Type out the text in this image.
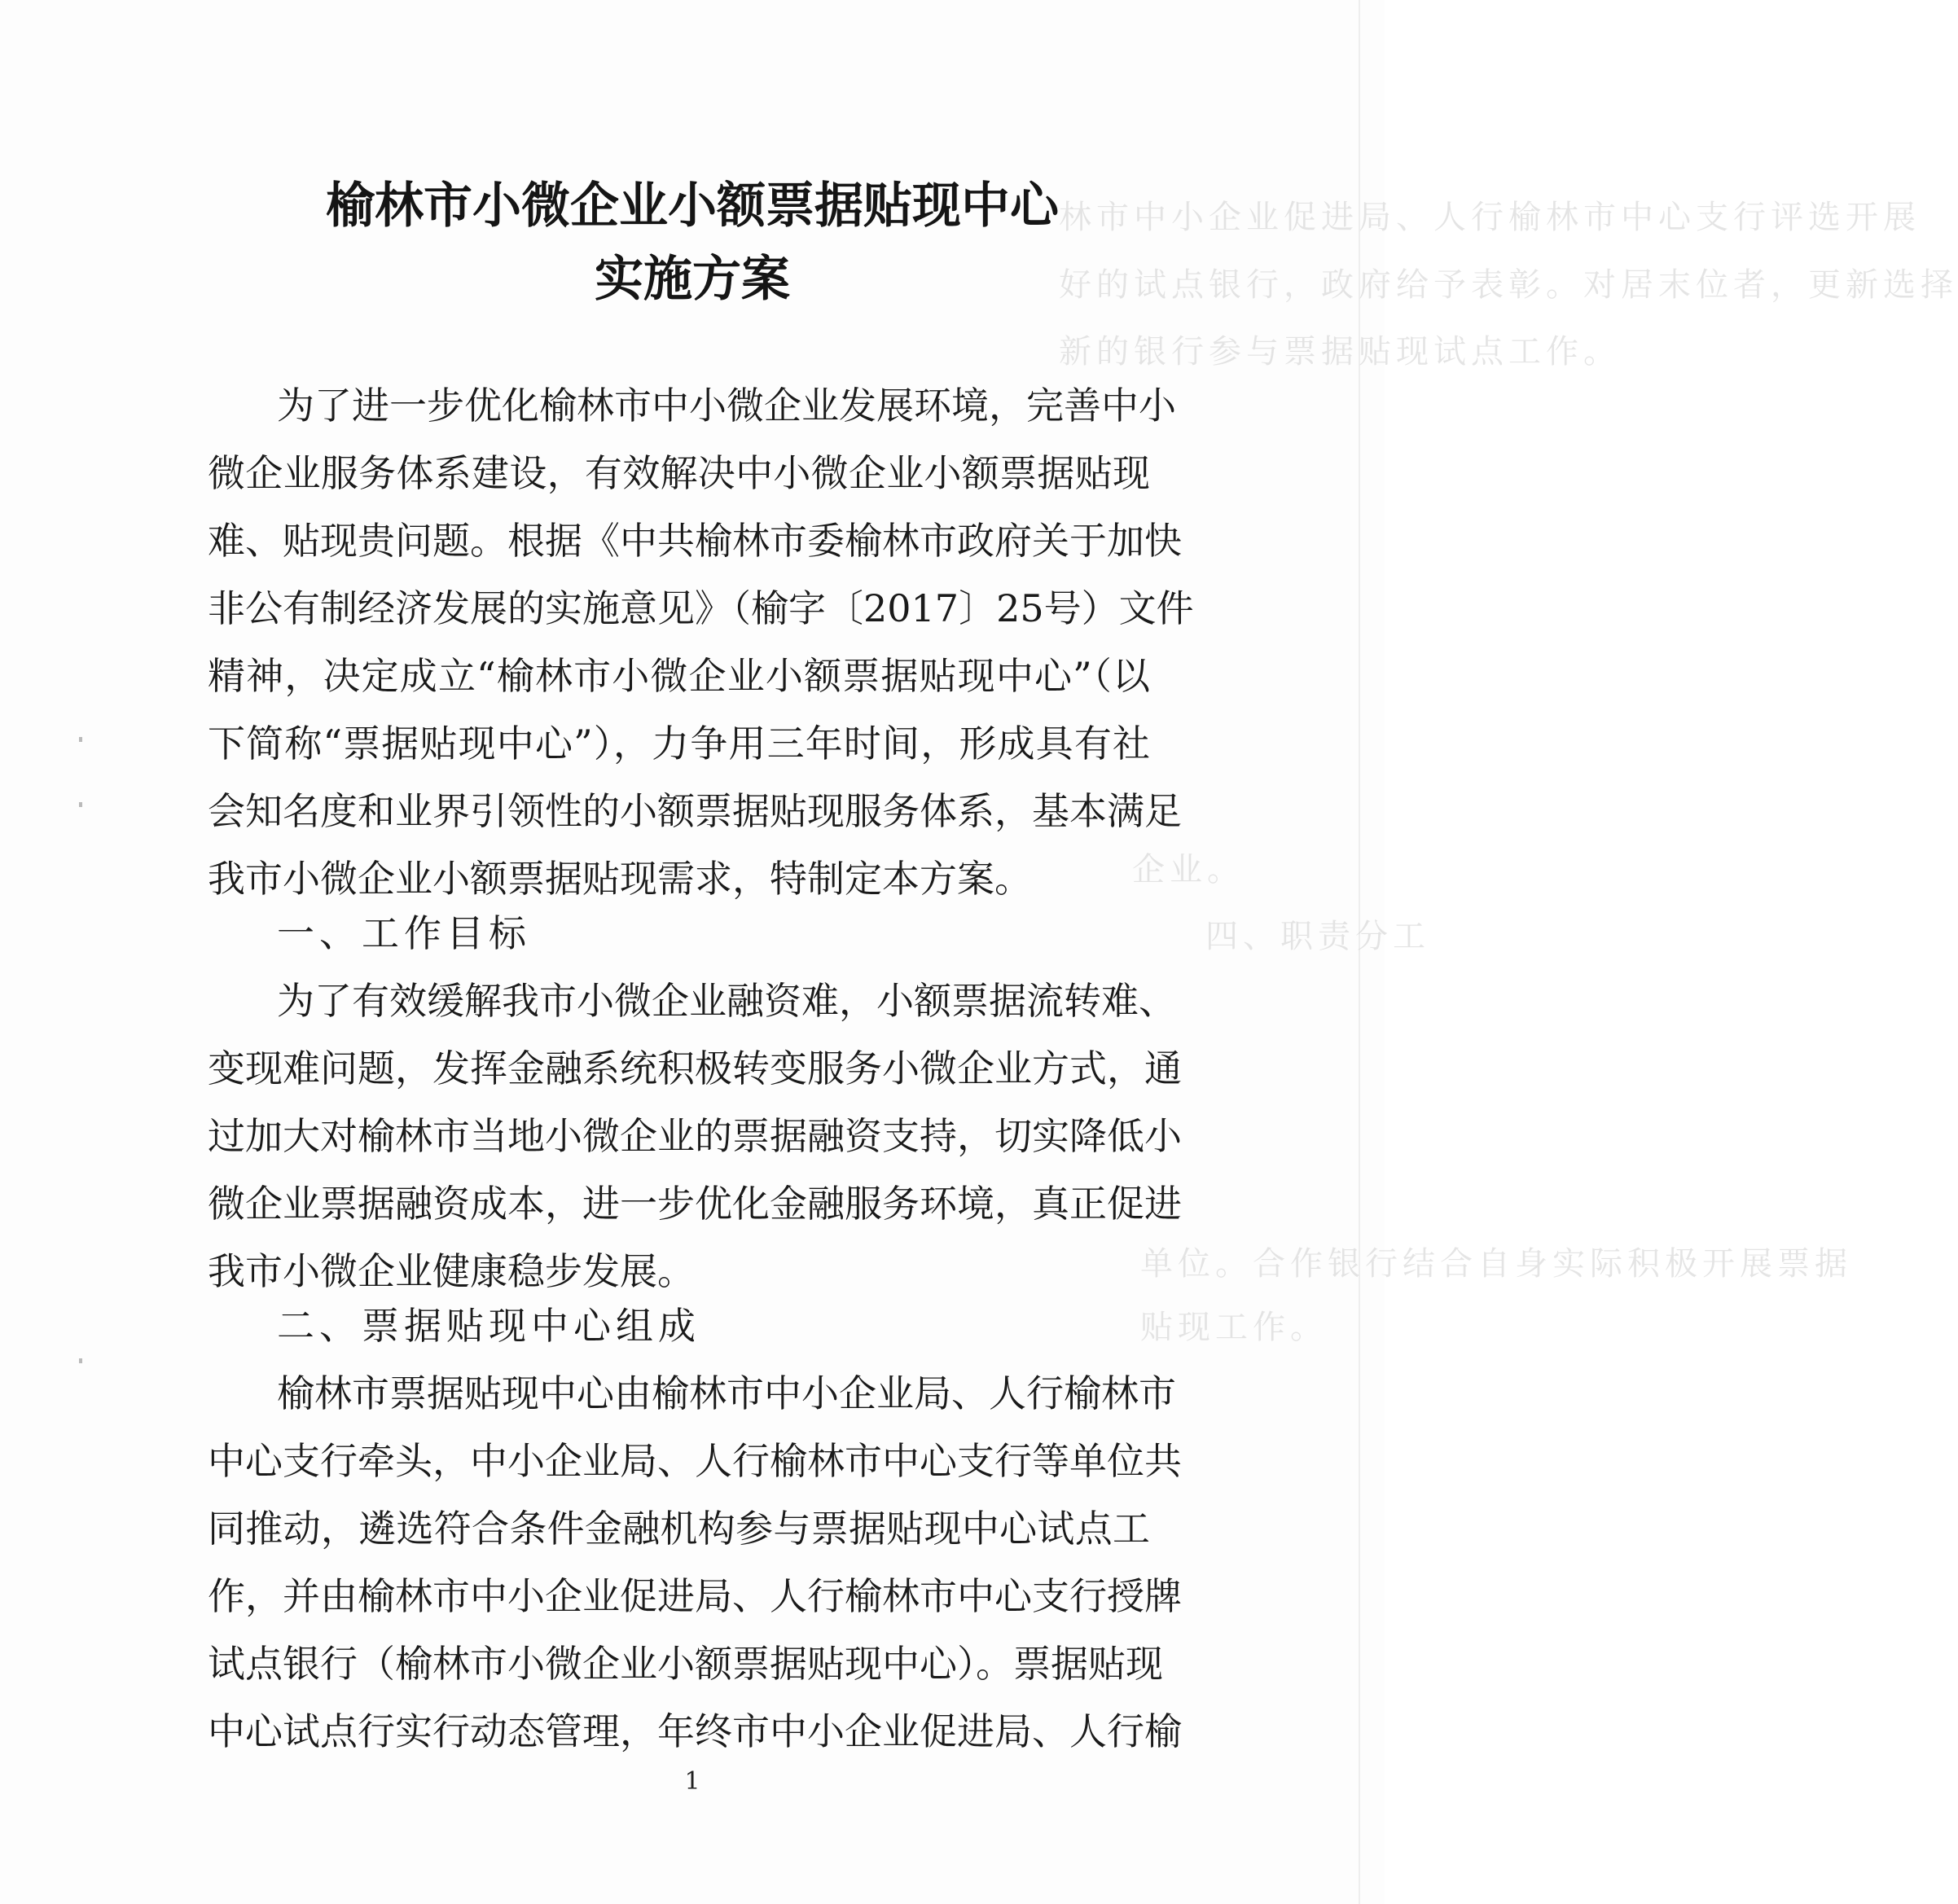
林市中小企业促进局、人行榆林市中心支行评选开展
好的试点银行，政府给予表彰。对居末位者，更新选择
新的银行参与票据贴现试点工作。
企业。
四、职责分工
单位。合作银行结合自身实际积极开展票据
贴现工作。
榆林市小微企业小额票据贴现中心
实施方案
为了进一步优化榆林市中小微企业发展环境，完善中小
微企业服务体系建设，有效解决中小微企业小额票据贴现
难、贴现贵问题。根据《中共榆林市委榆林市政府关于加快
非公有制经济发展的实施意见》（榆字〔2017〕25号）文件
精神，决定成立“榆林市小微企业小额票据贴现中心”（以
下简称“票据贴现中心”），力争用三年时间，形成具有社
会知名度和业界引领性的小额票据贴现服务体系，基本满足
我市小微企业小额票据贴现需求，特制定本方案。
一、工作目标
为了有效缓解我市小微企业融资难，小额票据流转难、
变现难问题，发挥金融系统积极转变服务小微企业方式，通
过加大对榆林市当地小微企业的票据融资支持，切实降低小
微企业票据融资成本，进一步优化金融服务环境，真正促进
我市小微企业健康稳步发展。
二、票据贴现中心组成
榆林市票据贴现中心由榆林市中小企业局、人行榆林市
中心支行牵头，中小企业局、人行榆林市中心支行等单位共
同推动，遴选符合条件金融机构参与票据贴现中心试点工
作，并由榆林市中小企业促进局、人行榆林市中心支行授牌
试点银行（榆林市小微企业小额票据贴现中心）。票据贴现
中心试点行实行动态管理，年终市中小企业促进局、人行榆
1
